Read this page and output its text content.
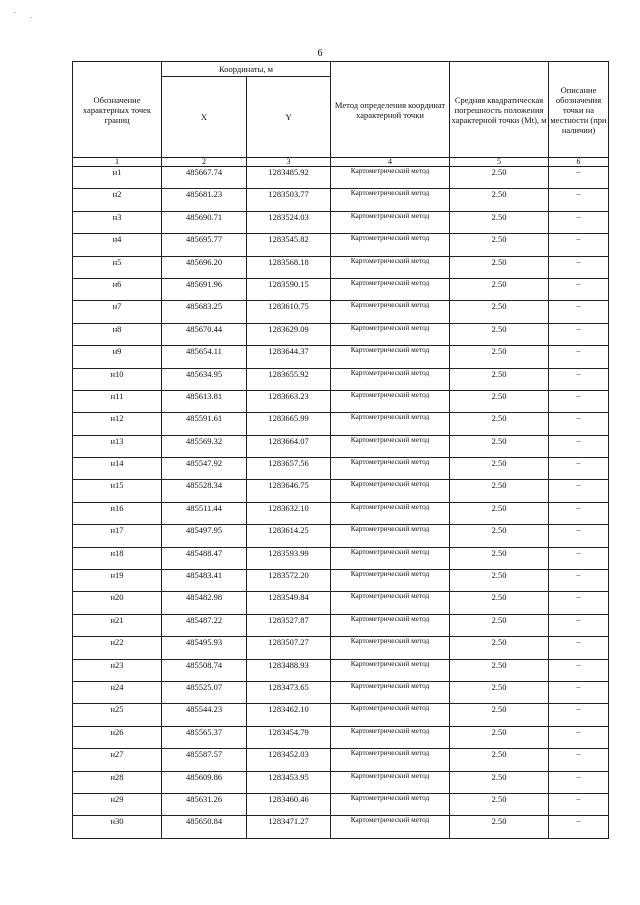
-
-
6
Обозначение характерных точек границ	Координаты, м		Метод определения координат характерной точки	Средняя квадратическая погрешность положения характерной точки (Mt), м	Описание обозначения точки на местности (при наличии)
	X	Y			
1	2	3	4	5	6
н1	485667.74	1283485.92	Картометрический метод	2.50	–
н2	485681.23	1283503.77	Картометрический метод	2.50	–
н3	485690.71	1283524.03	Картометрический метод	2.50	–
н4	485695.77	1283545.82	Картометрический метод	2.50	–
н5	485696.20	1283568.18	Картометрический метод	2.50	–
н6	485691.96	1283590.15	Картометрический метод	2.50	–
н7	485683.25	1283610.75	Картометрический метод	2.50	–
н8	485670.44	1283629.09	Картометрический метод	2.50	–
н9	485654.11	1283644.37	Картометрический метод	2.50	–
н10	485634.95	1283655.92	Картометрический метод	2.50	–
н11	485613.81	1283663.23	Картометрический метод	2.50	–
н12	485591.61	1283665.99	Картометрический метод	2.50	–
н13	485569.32	1283664.07	Картометрический метод	2.50	–
н14	485547.92	1283657.56	Картометрический метод	2.50	–
н15	485528.34	1283646.75	Картометрический метод	2.50	–
н16	485511.44	1283632.10	Картометрический метод	2.50	–
н17	485497.95	1283614.25	Картометрический метод	2.50	–
н18	485488.47	1283593.99	Картометрический метод	2.50	–
н19	485483.41	1283572.20	Картометрический метод	2.50	–
н20	485482.98	1283549.84	Картометрический метод	2.50	–
н21	485487.22	1283527.87	Картометрический метод	2.50	–
н22	485495.93	1283507.27	Картометрический метод	2.50	–
н23	485508.74	1283488.93	Картометрический метод	2.50	–
н24	485525.07	1283473.65	Картометрический метод	2.50	–
н25	485544.23	1283462.10	Картометрический метод	2.50	–
н26	485565.37	1283454.79	Картометрический метод	2.50	–
н27	485587.57	1283452.03	Картометрический метод	2.50	–
н28	485609.86	1283453.95	Картометрический метод	2.50	–
н29	485631.26	1283460.46	Картометрический метод	2.50	–
н30	485650.84	1283471.27	Картометрический метод	2.50	–
